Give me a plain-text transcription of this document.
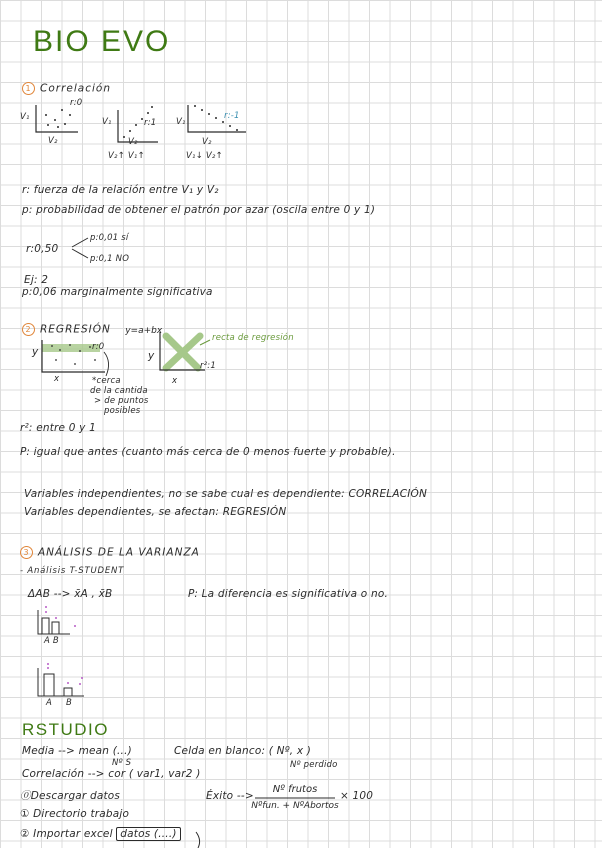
BIO EVO
1 Correlación
V₁
V₂
r:0
V₁
V₂
r:1
V₂↑ V₁↑
V₁
V₂
r:-1
V₁↓ V₂↑
r: fuerza de la relación entre V₁ y V₂
p: probabilidad de obtener el patrón por azar (oscila entre 0 y 1)
r:0,50
p:0,01 sí
p:0,1 NO
Ej: 2
p:0,06 marginalmente significativa
2 REGRESIÓN y=a+bx
y
x
r:0
*cerca
de la cantida
> de puntos
posibles
y
x
r²:1
recta de regresión
r²: entre 0 y 1
P: igual que antes (cuanto más cerca de 0 menos fuerte y probable).
Variables independientes, no se sabe cual es dependiente: CORRELACIÓN
Variables dependientes, se afectan: REGRESIÓN
3 ANÁLISIS DE LA VARIANZA
- Análisis T-STUDENT
ΔAB --> x̄A , x̄B	P: La diferencia es significativa o no.
A B
A B
RSTUDIO
Media --> mean (...)
Nº S
Celda en blanco: ( Nº, x )
Nº perdido
Correlación --> cor ( var1, var2 )
⓪Descargar datos
① Directorio trabajo
② Importar excel datos (....)
Éxito -->
Nº frutos
Nºfun. + NºAbortos
× 100
